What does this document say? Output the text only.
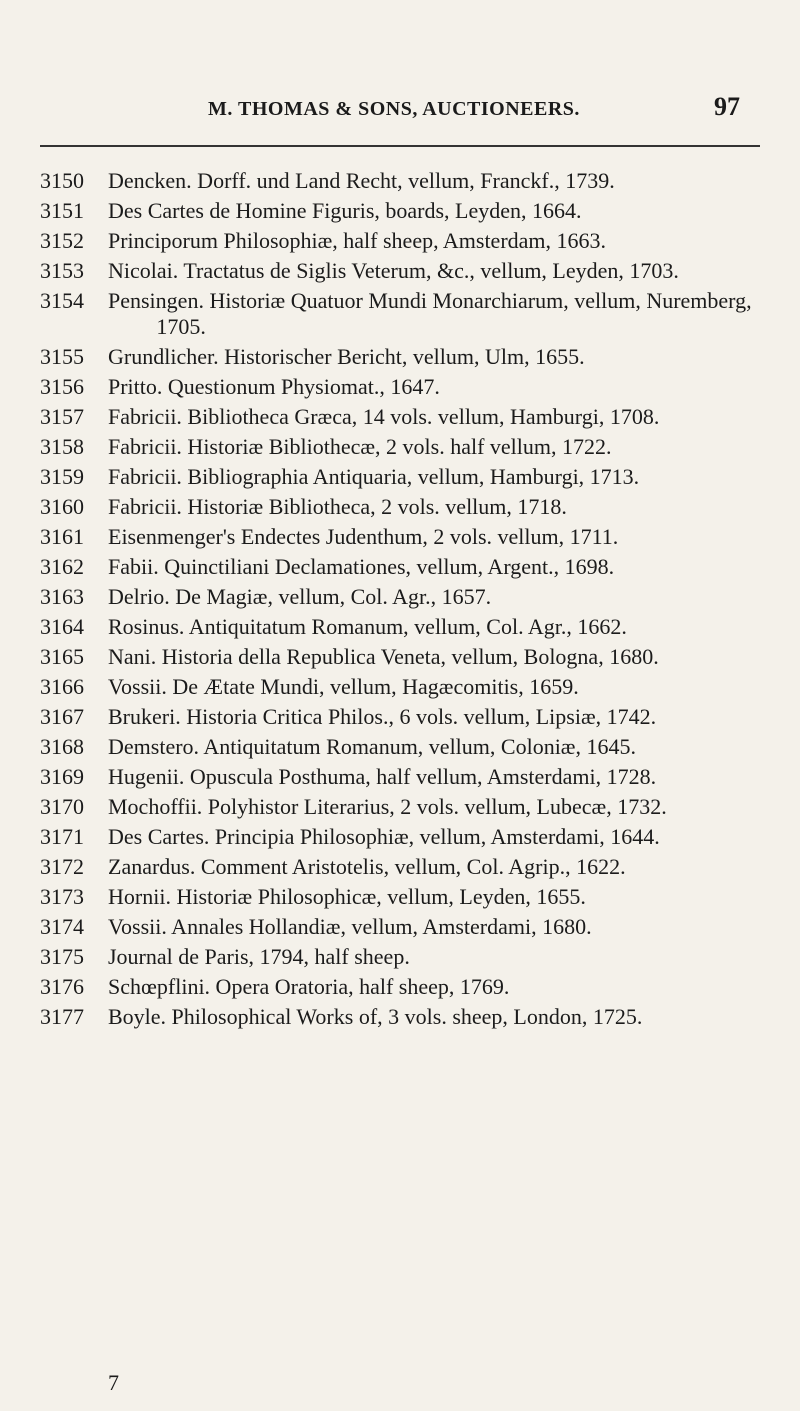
M. THOMAS & SONS, AUCTIONEERS.	97
3150	Dencken. Dorff. und Land Recht, vellum, Franckf., 1739.
3151	Des Cartes de Homine Figuris, boards, Leyden, 1664.
3152	Principorum Philosophiæ, half sheep, Amsterdam, 1663.
3153	Nicolai. Tractatus de Siglis Veterum, &c., vellum, Leyden, 1703.
3154	Pensingen. Historiæ Quatuor Mundi Monarchiarum, vellum, Nuremberg, 1705.
3155	Grundlicher. Historischer Bericht, vellum, Ulm, 1655.
3156	Pritto. Questionum Physiomat., 1647.
3157	Fabricii. Bibliotheca Græca, 14 vols. vellum, Hamburgi, 1708.
3158	Fabricii. Historiæ Bibliothecæ, 2 vols. half vellum, 1722.
3159	Fabricii. Bibliographia Antiquaria, vellum, Hamburgi, 1713.
3160	Fabricii. Historiæ Bibliotheca, 2 vols. vellum, 1718.
3161	Eisenmenger's Endectes Judenthum, 2 vols. vellum, 1711.
3162	Fabii. Quinctiliani Declamationes, vellum, Argent., 1698.
3163	Delrio. De Magiæ, vellum, Col. Agr., 1657.
3164	Rosinus. Antiquitatum Romanum, vellum, Col. Agr., 1662.
3165	Nani. Historia della Republica Veneta, vellum, Bologna, 1680.
3166	Vossii. De Ætate Mundi, vellum, Hagæcomitis, 1659.
3167	Brukeri. Historia Critica Philos., 6 vols. vellum, Lipsiæ, 1742.
3168	Demstero. Antiquitatum Romanum, vellum, Coloniæ, 1645.
3169	Hugenii. Opuscula Posthuma, half vellum, Amsterdami, 1728.
3170	Mochoffii. Polyhistor Literarius, 2 vols. vellum, Lubecæ, 1732.
3171	Des Cartes. Principia Philosophiæ, vellum, Amsterdami, 1644.
3172	Zanardus. Comment Aristotelis, vellum, Col. Agrip., 1622.
3173	Hornii. Historiæ Philosophicæ, vellum, Leyden, 1655.
3174	Vossii. Annales Hollandiæ, vellum, Amsterdami, 1680.
3175	Journal de Paris, 1794, half sheep.
3176	Schœpflini. Opera Oratoria, half sheep, 1769.
3177	Boyle. Philosophical Works of, 3 vols. sheep, London, 1725.
7
